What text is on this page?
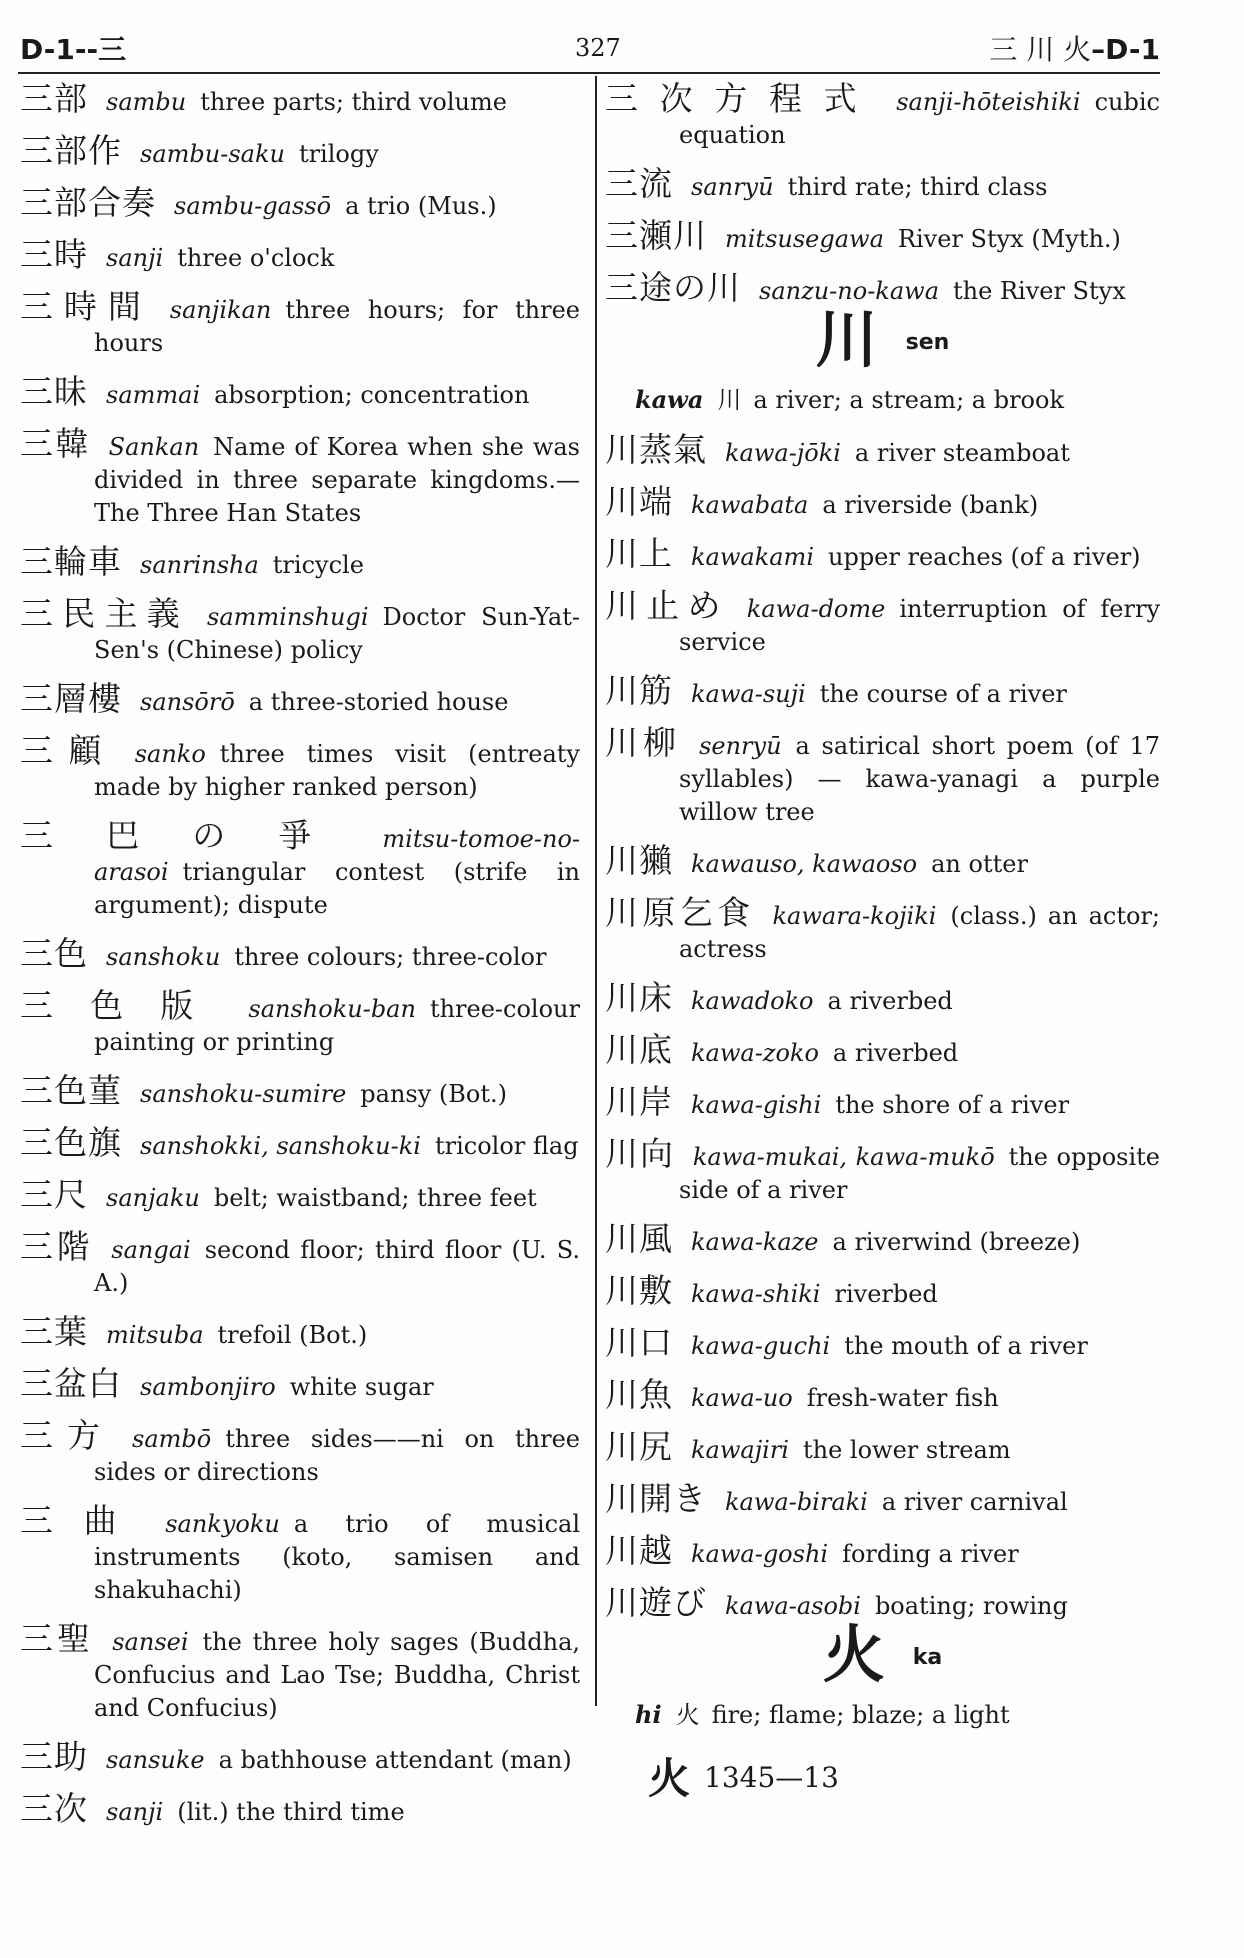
D-1--三	327	三 川 火–D-1
三部 sambu three parts; third volume
三部作 sambu-saku trilogy
三部合奏 sambu-gassō a trio (Mus.)
三時 sanji three o'clock
三時間 sanjikan three hours; for three hours
三昧 sammai absorption; concentration
三韓 Sankan Name of Korea when she was divided in three separate kingdoms.—The Three Han States
三輪車 sanrinsha tricycle
三民主義 samminshugi Doctor Sun-Yat-Sen's (Chinese) policy
三層樓 sansōrō a three-storied house
三顧 sanko three times visit (entreaty made by higher ranked person)
三巴の爭 mitsu-tomoe-no-arasoi triangular contest (strife in argument); dispute
三色 sanshoku three colours; three-color
三色版 sanshoku-ban three-colour painting or printing
三色菫 sanshoku-sumire pansy (Bot.)
三色旗 sanshokki, sanshoku-ki tricolor flag
三尺 sanjaku belt; waistband; three feet
三階 sangai second floor; third floor (U. S. A.)
三葉 mitsuba trefoil (Bot.)
三盆白 sambonjiro white sugar
三方 sambō three sides——ni on three sides or directions
三曲 sankyoku a trio of musical instruments (koto, samisen and shakuhachi)
三聖 sansei the three holy sages (Buddha, Confucius and Lao Tse; Buddha, Christ and Confucius)
三助 sansuke a bathhouse attendant (man)
三次 sanji (lit.) the third time
三次方程式 sanji-hōteishiki cubic equation
三流 sanryū third rate; third class
三瀬川 mitsusegawa River Styx (Myth.)
三途の川 sanzu-no-kawa the River Styx
川 sen
kawa 川 a river; a stream; a brook
川蒸氣 kawa-jōki a river steamboat
川端 kawabata a riverside (bank)
川上 kawakami upper reaches (of a river)
川止め kawa-dome interruption of ferry service
川筋 kawa-suji the course of a river
川柳 senryū a satirical short poem (of 17 syllables) — kawa-yanagi a purple willow tree
川獺 kawauso, kawaoso an otter
川原乞食 kawara-kojiki (class.) an actor; actress
川床 kawadoko a riverbed
川底 kawa-zoko a riverbed
川岸 kawa-gishi the shore of a river
川向 kawa-mukai, kawa-mukō the opposite side of a river
川風 kawa-kaze a riverwind (breeze)
川敷 kawa-shiki riverbed
川口 kawa-guchi the mouth of a river
川魚 kawa-uo fresh-water fish
川尻 kawajiri the lower stream
川開き kawa-biraki a river carnival
川越 kawa-goshi fording a river
川遊び kawa-asobi boating; rowing
火 ka
hi 火 fire; flame; blaze; a light
火 1345—13
